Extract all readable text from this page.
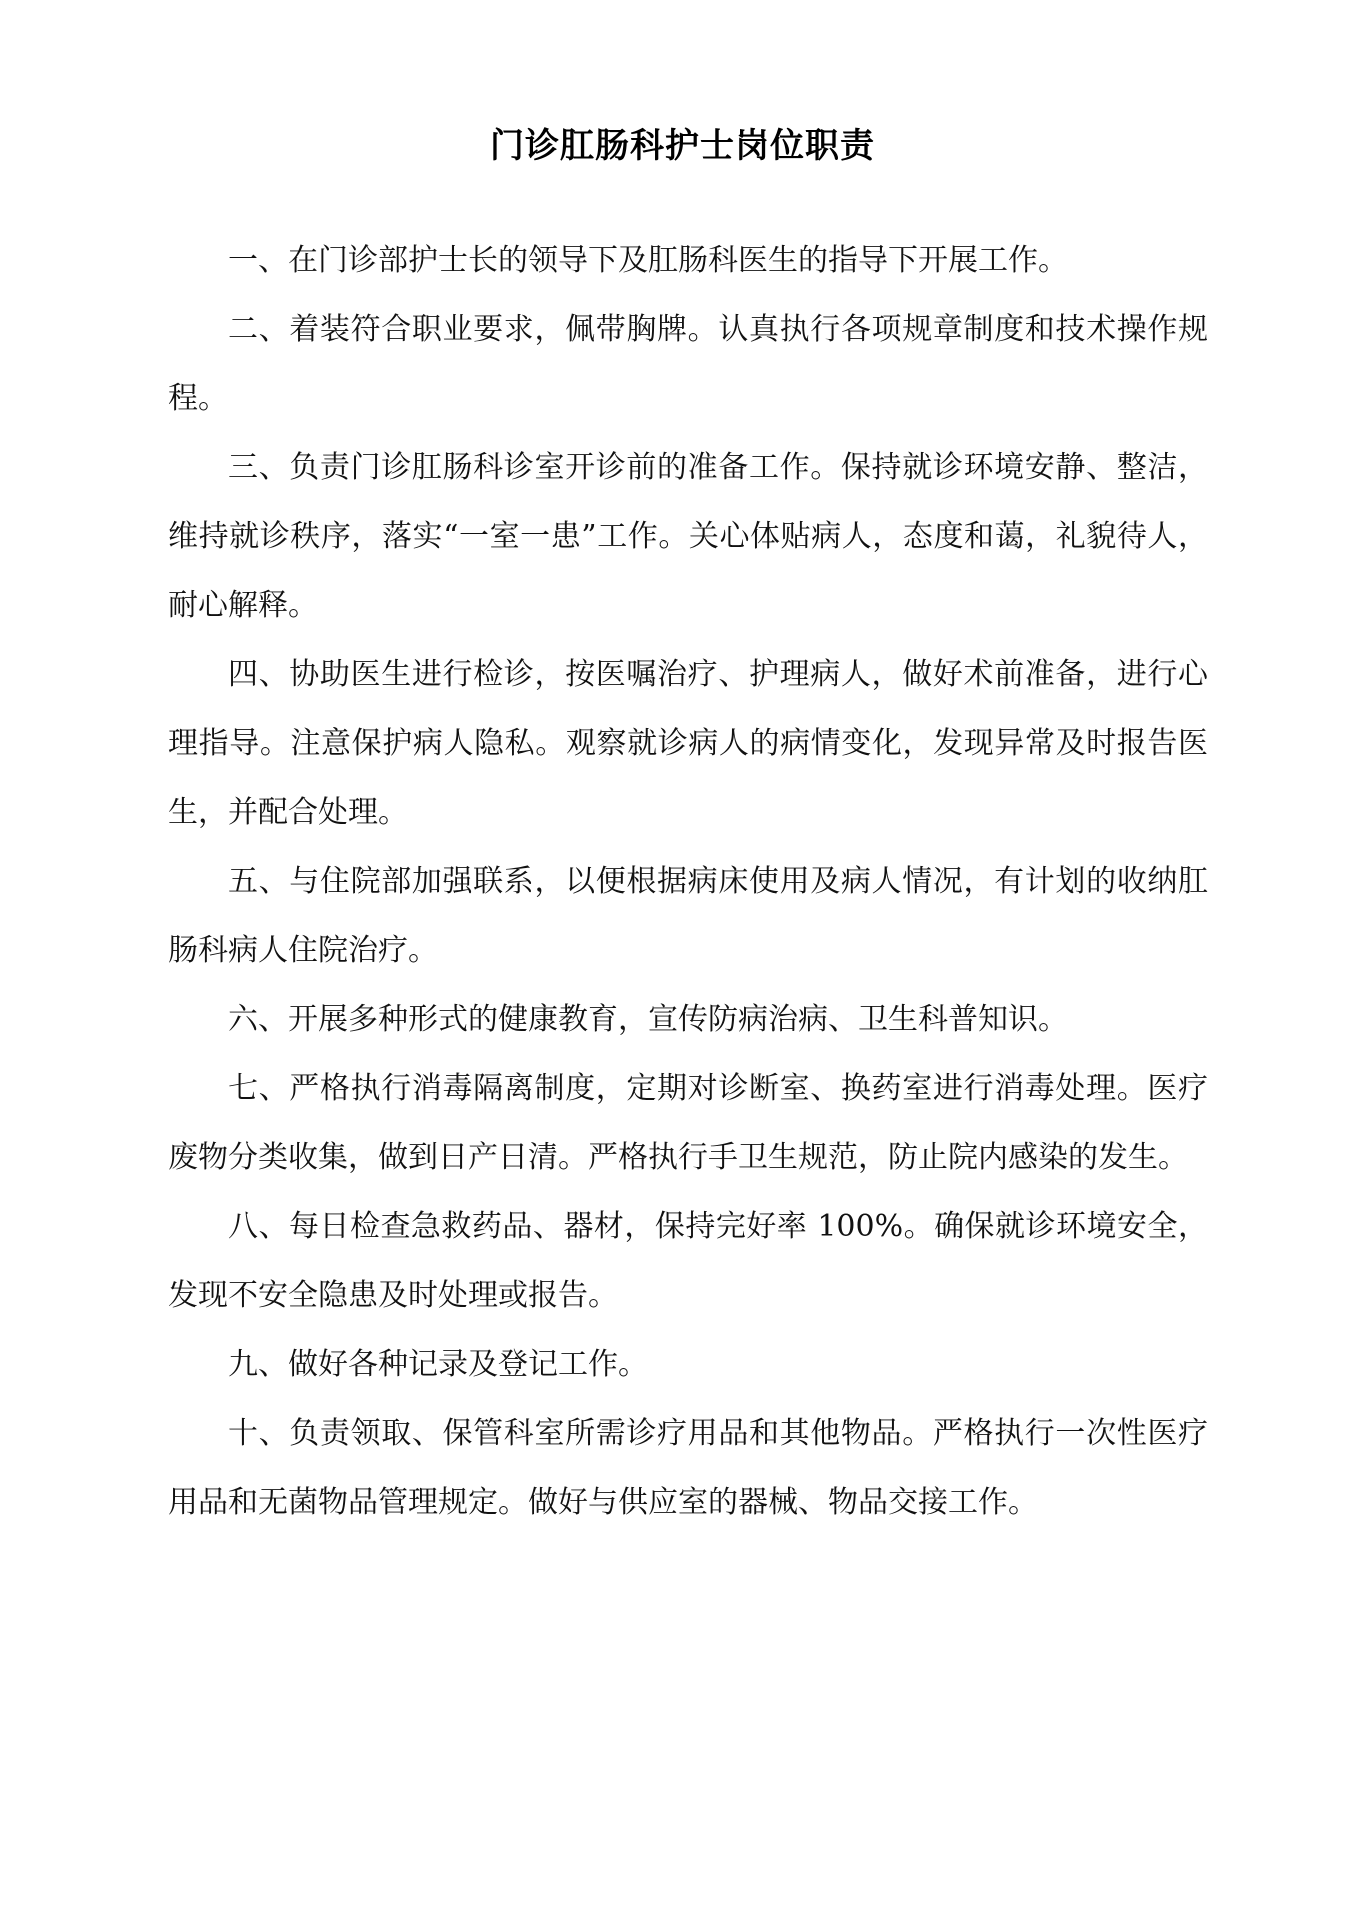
门诊肛肠科护士岗位职责

一、在门诊部护士长的领导下及肛肠科医生的指导下开展工作。

二、着装符合职业要求，佩带胸牌。认真执行各项规章制度和技术操作规程。

三、负责门诊肛肠科诊室开诊前的准备工作。保持就诊环境安静、整洁，维持就诊秩序，落实“一室一患”工作。关心体贴病人，态度和蔼，礼貌待人，耐心解释。

四、协助医生进行检诊，按医嘱治疗、护理病人，做好术前准备，进行心理指导。注意保护病人隐私。观察就诊病人的病情变化，发现异常及时报告医生，并配合处理。

五、与住院部加强联系，以便根据病床使用及病人情况，有计划的收纳肛肠科病人住院治疗。

六、开展多种形式的健康教育，宣传防病治病、卫生科普知识。

七、严格执行消毒隔离制度，定期对诊断室、换药室进行消毒处理。医疗废物分类收集，做到日产日清。严格执行手卫生规范，防止院内感染的发生。

八、每日检查急救药品、器材，保持完好率 100%。确保就诊环境安全，发现不安全隐患及时处理或报告。

九、做好各种记录及登记工作。

十、负责领取、保管科室所需诊疗用品和其他物品。严格执行一次性医疗用品和无菌物品管理规定。做好与供应室的器械、物品交接工作。
